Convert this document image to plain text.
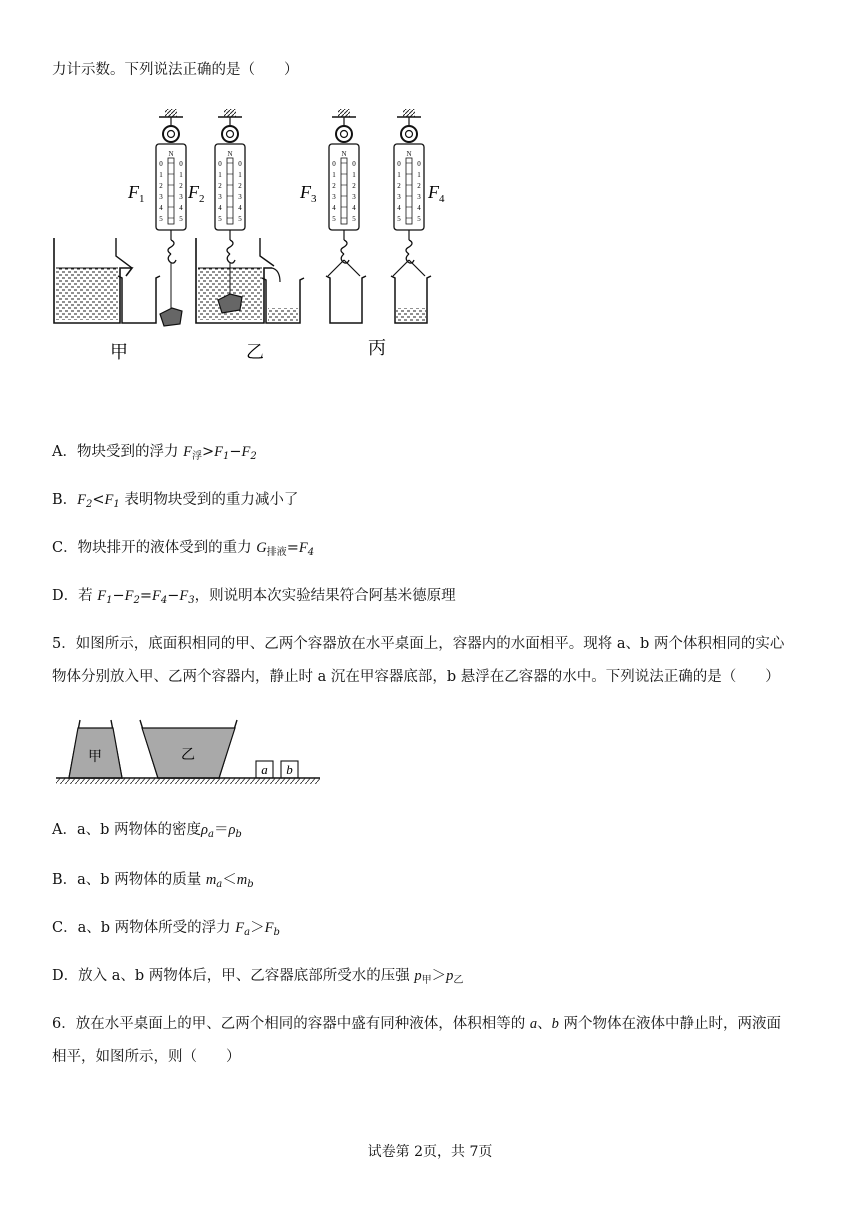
力计示数。下列说法正确的是（　　）
N	N	N	N
0 0
1 1
2 2
3 3
4 4
5 5
0 0
1 1
2 2
3 3
4 4
5 5
0 0
1 1
2 2
3 3
4 4
5 5
0 0
1 1
2 2
3 3
4 4
5 5
$F_1$ $F_2$	$F_3$	$F_4$
甲	乙	丙
A．物块受到的浮力 $F_浮>F_1-F_2$
B．$F_2<F_1$ 表明物块受到的重力减小了
C．物块排开的液体受到的重力 $G_{排液}=F_4$
D．若 $F_1-F_2=F_4-F_3$，则说明本次实验结果符合阿基米德原理
5．如图所示，底面积相同的甲、乙两个容器放在水平桌面上，容器内的水面相平。现将 a、b 两个体积相同的实心
物体分别放入甲、乙两个容器内，静止时 a 沉在甲容器底部，b 悬浮在乙容器的水中。下列说法正确的是（　　）
甲	乙
a b
A．a、b 两物体的密度$\rho_a=\rho_b$
B．a、b 两物体的质量 $m_a<m_b$
C．a、b 两物体所受的浮力 $F_a>F_b$
D．放入 a、b 两物体后，甲、乙容器底部所受水的压强 $p_甲>p_乙$
6．放在水平桌面上的甲、乙两个相同的容器中盛有同种液体，体积相等的 a、b 两个物体在液体中静止时，两液面
相平，如图所示，则（　　）
试卷第 2页，共 7页
